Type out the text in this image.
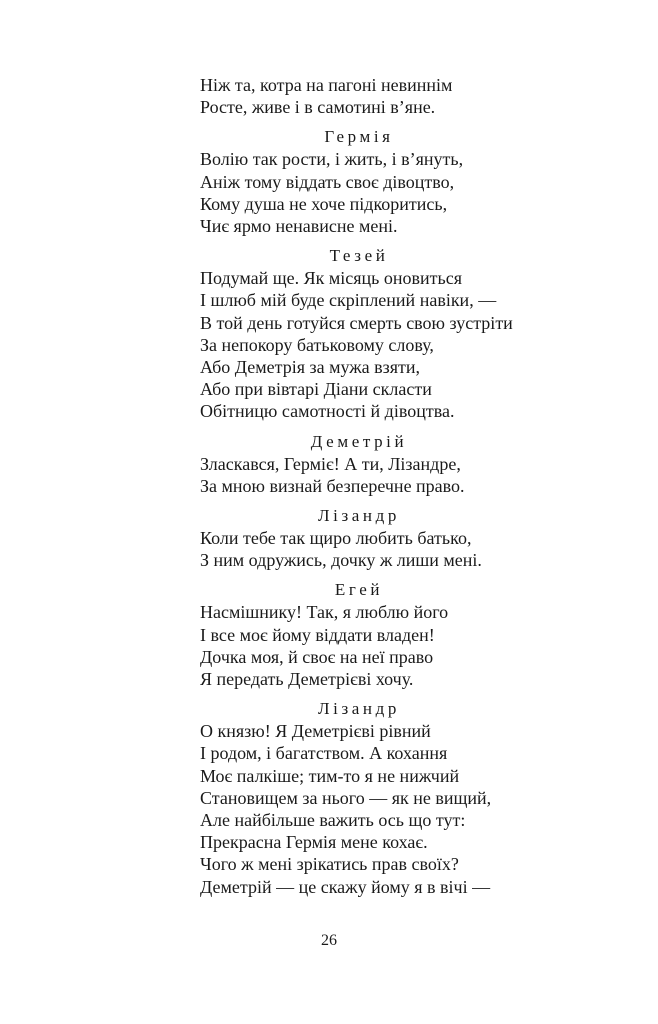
Ніж та, котра на пагоні невиннім
Росте, живе і в самотині в’яне.
Гермія
Волію так рости, і жить, і в’януть,
Аніж тому віддать своє дівоцтво,
Кому душа не хоче підкоритись,
Чиє ярмо ненависне мені.
Тезей
Подумай ще. Як місяць оновиться
І шлюб мій буде скріплений навіки, —
В той день готуйся смерть свою зустріти
За непокору батьковому слову,
Або Деметрія за мужа взяти,
Або при вівтарі Діани скласти
Обітницю самотності й дівоцтва.
Деметрій
Зласкався, Герміє! А ти, Лізандре,
За мною визнай безперечне право.
Лізандр
Коли тебе так щиро любить батько,
З ним одружись, дочку ж лиши мені.
Егей
Насмішнику! Так, я люблю його
І все моє йому віддати владен!
Дочка моя, й своє на неї право
Я передать Деметрієві хочу.
Лізандр
О князю! Я Деметрієві рівний
І родом, і багатством. А кохання
Моє палкіше; тим-то я не нижчий
Становищем за нього — як не вищий,
Але найбільше важить ось що тут:
Прекрасна Гермія мене кохає.
Чого ж мені зрікатись прав своїх?
Деметрій — це скажу йому я в вічі —
26
